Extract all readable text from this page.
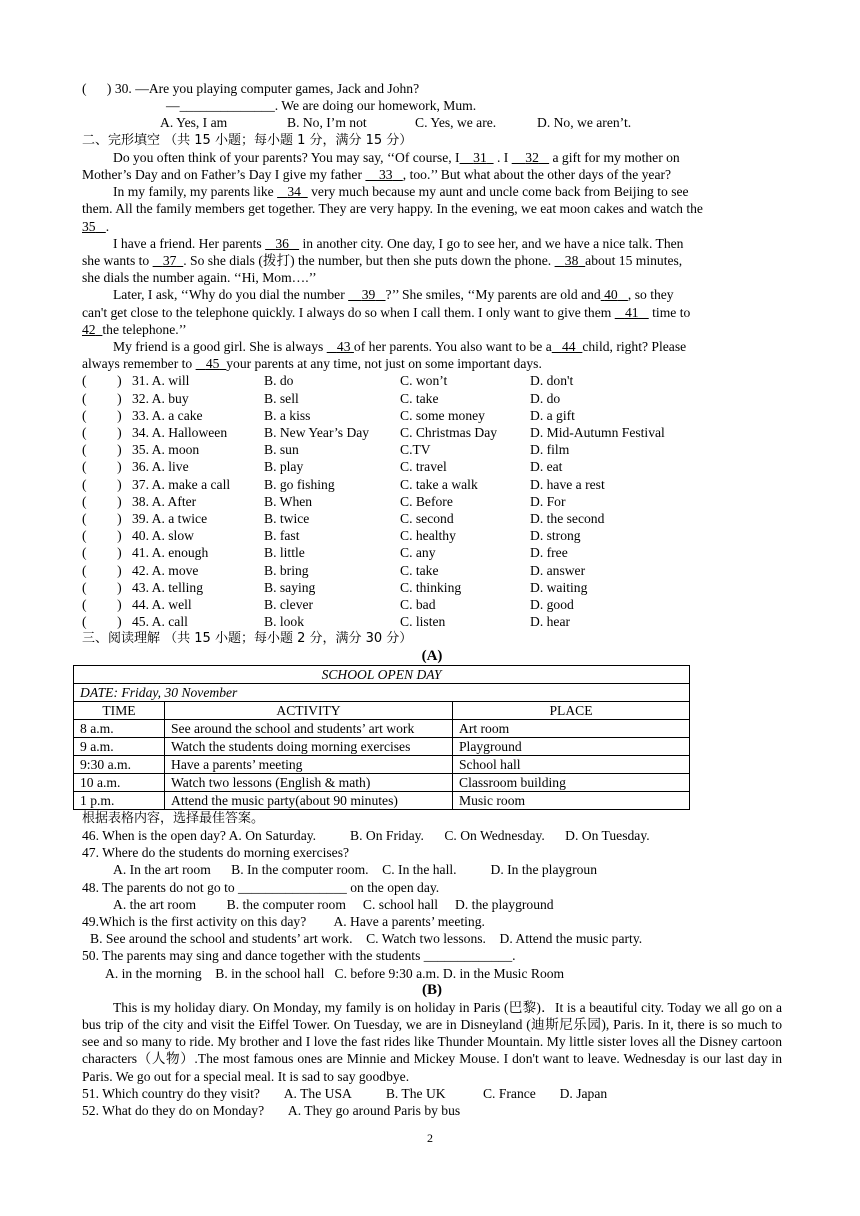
(      ) 30. —Are you playing computer games, Jack and John?
—______________. We are doing our homework, Mum.
A. Yes, I am	B. No, I’m not	C. Yes, we are.	D. No, we aren’t.
二、完形填空 （共 15 小题；每小题 1 分，满分 15 分）
Do you often think of your parents? You may say, ‘‘Of course, I 31 . I 32 a gift for my mother on
Mother’s Day and on Father’s Day I give my father 33 , too.’’ But what about the other days of the year?
In my family, my parents like 34 very much because my aunt and uncle come back from Beijing to see
them. All the family members get together. They are very happy. In the evening, we eat moon cakes and watch the
35 .
I have a friend. Her parents 36 in another city. One day, I go to see her, and we have a nice talk. Then
she wants to 37 . So she dials (拨打) the number, but then she puts down the phone. 38 about 15 minutes,
she dials the number again. ‘‘Hi, Mom….’’
Later, I ask, ‘‘Why do you dial the number 39 ?’’ She smiles, ‘‘My parents are old and 40 , so they
can't get close to the telephone quickly. I always do so when I call them. I only want to give them 41 time to
42 the telephone.’’
My friend is a good girl. She is always 43 of her parents. You also want to be a 44 child, right? Please
always remember to 45 your parents at any time, not just on some important days.
(         ) 31. A. will	B. do	C. won’t	D. don't
(         ) 32. A. buy	B. sell	C. take	D. do
(         ) 33. A. a cake	B. a kiss	C. some money	D. a gift
(         ) 34. A. Halloween	B. New Year’s Day	C. Christmas Day	D. Mid-Autumn Festival
(         ) 35. A. moon	B. sun	C.TV	D. film
(         ) 36. A. live	B. play	C. travel	D. eat
(         ) 37. A. make a call	B. go fishing	C. take a walk	D. have a rest
(         ) 38. A. After	B. When	C. Before	D. For
(         ) 39. A. a twice	B. twice	C. second	D. the second
(         ) 40. A. slow	B. fast	C. healthy	D. strong
(         ) 41. A. enough	B. little	C. any	D. free
(         ) 42. A. move	B. bring	C. take	D. answer
(         ) 43. A. telling	B. saying	C. thinking	D. waiting
(         ) 44. A. well	B. clever	C. bad	D. good
(         ) 45. A. call	B. look	C. listen	D. hear
三、阅读理解 （共 15 小题；每小题 2 分，满分 30 分）
(A)
SCHOOL OPEN DAY		
DATE: Friday, 30 November		
TIME	ACTIVITY	PLACE
8 a.m.	See around the school and students’ art work	Art room
9 a.m.	Watch the students doing morning exercises	Playground
9:30 a.m.	Have a parents’ meeting	School hall
10 a.m.	Watch two lessons (English & math)	Classroom building
1 p.m.	Attend the music party(about 90 minutes)	Music room
根据表格内容，选择最佳答案。
46. When is the open day? A. On Saturday.          B. On Friday.      C. On Wednesday.      D. On Tuesday.
47. Where do the students do morning exercises?
A. In the art room      B. In the computer room.    C. In the hall.          D. In the playgroun
48. The parents do not go to ________________ on the open day.
A. the art room         B. the computer room     C. school hall     D. the playground
49.Which is the first activity on this day?        A. Have a parents’ meeting.
B. See around the school and students’ art work.    C. Watch two lessons.    D. Attend the music party.
50. The parents may sing and dance together with the students _____________.
A. in the morning    B. in the school hall   C. before 9:30 a.m. D. in the Music Room
(B)
This is my holiday diary. On Monday, my family is on holiday in Paris (巴黎)．It is a beautiful city. Today we all go on a bus trip of the city and visit the Eiffel Tower. On Tuesday, we are in Disneyland (迪斯尼乐园), Paris. In it, there is so much to see and so many to ride. My brother and I love the fast rides like Thunder Mountain. My little sister loves all the Disney cartoon characters（人物）.The most famous ones are Minnie and Mickey Mouse. I don't want to leave. Wednesday is our last day in Paris. We go out for a special meal. It is sad to say goodbye.
51. Which country do they visit?       A. The USA          B. The UK           C. France       D. Japan
52. What do they do on Monday?       A. They go around Paris by bus
2
